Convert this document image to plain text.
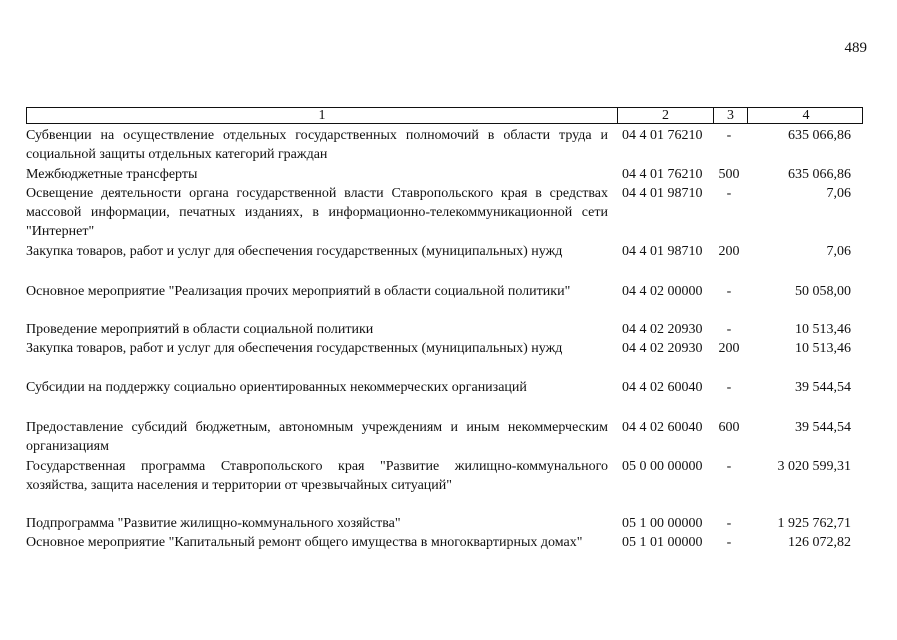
489
1	2	3	4
Субвенции на осуществление отдельных государственных полномочий в области труда и социальной защиты отдельных категорий граждан
04 4 01 76210	-	635 066,86
Межбюджетные трансферты	04 4 01 76210	500	635 066,86
Освещение деятельности органа государственной власти Ставропольского края в средствах массовой информации, печатных изданиях, в информационно-телекоммуникационной сети "Интернет"
04 4 01 98710	-	7,06
Закупка товаров, работ и услуг для обеспечения государственных (муниципальных) нужд	04 4 01 98710	200	7,06
Основное мероприятие "Реализация прочих мероприятий в области социальной политики"	04 4 02 00000	-	50 058,00
Проведение мероприятий в области социальной политики	04 4 02 20930	-	10 513,46
Закупка товаров, работ и услуг для обеспечения государственных (муниципальных) нужд	04 4 02 20930	200	10 513,46
Субсидии на поддержку социально ориентированных некоммерческих организаций	04 4 02 60040	-	39 544,54
Предоставление субсидий бюджетным, автономным учреждениям и иным некоммерческим организациям
04 4 02 60040	600	39 544,54
Государственная программа Ставропольского края "Развитие жилищно-коммунального хозяйства, защита населения и территории от чрезвычайных ситуаций"
05 0 00 00000	-	3 020 599,31
Подпрограмма "Развитие жилищно-коммунального хозяйства"	05 1 00 00000	-	1 925 762,71
Основное мероприятие "Капитальный ремонт общего имущества в многоквартирных домах"	05 1 01 00000	-	126 072,82
